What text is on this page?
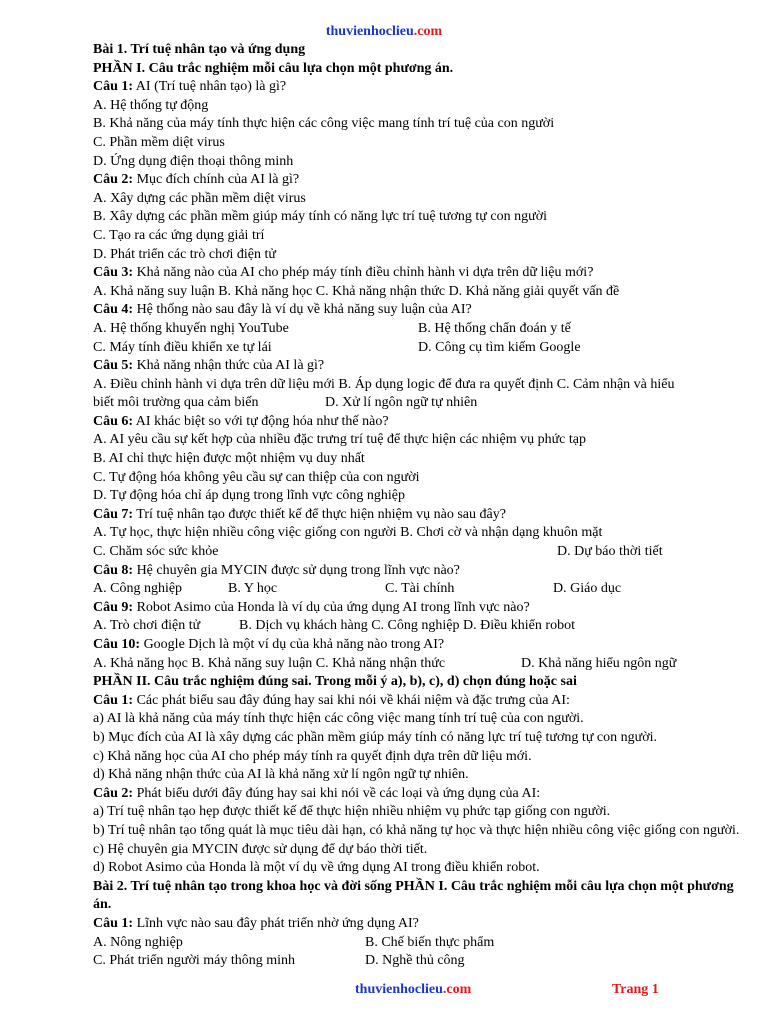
thuvienhoclieu.com
Bài 1. Trí tuệ nhân tạo và ứng dụng
PHẦN I. Câu trắc nghiệm mỗi câu lựa chọn một phương án.
Câu 1: AI (Trí tuệ nhân tạo) là gì?
A. Hệ thống tự động
B. Khả năng của máy tính thực hiện các công việc mang tính trí tuệ của con người
C. Phần mềm diệt virus
D. Ứng dụng điện thoại thông minh
Câu 2: Mục đích chính của AI là gì?
A. Xây dựng các phần mềm diệt virus
B. Xây dựng các phần mềm giúp máy tính có năng lực trí tuệ tương tự con người
C. Tạo ra các ứng dụng giải trí
D. Phát triển các trò chơi điện tử
Câu 3: Khả năng nào của AI cho phép máy tính điều chỉnh hành vi dựa trên dữ liệu mới?
A. Khả năng suy luận B. Khả năng học C. Khả năng nhận thức D. Khả năng giải quyết vấn đề
Câu 4: Hệ thống nào sau đây là ví dụ về khả năng suy luận của AI?
A. Hệ thống khuyến nghị YouTube	B. Hệ thống chẩn đoán y tế
C. Máy tính điều khiển xe tự lái	D. Công cụ tìm kiếm Google
Câu 5: Khả năng nhận thức của AI là gì?
A. Điều chỉnh hành vi dựa trên dữ liệu mới B. Áp dụng logic để đưa ra quyết định C. Cảm nhận và hiểu
biết môi trường qua cảm biến	D. Xử lí ngôn ngữ tự nhiên
Câu 6: AI khác biệt so với tự động hóa như thế nào?
A. AI yêu cầu sự kết hợp của nhiều đặc trưng trí tuệ để thực hiện các nhiệm vụ phức tạp
B. AI chỉ thực hiện được một nhiệm vụ duy nhất
C. Tự động hóa không yêu cầu sự can thiệp của con người
D. Tự động hóa chỉ áp dụng trong lĩnh vực công nghiệp
Câu 7: Trí tuệ nhân tạo được thiết kế để thực hiện nhiệm vụ nào sau đây?
A. Tự học, thực hiện nhiều công việc giống con người B. Chơi cờ và nhận dạng khuôn mặt
C. Chăm sóc sức khỏe	D. Dự báo thời tiết
Câu 8: Hệ chuyên gia MYCIN được sử dụng trong lĩnh vực nào?
A. Công nghiệp	B. Y học	C. Tài chính	D. Giáo dục
Câu 9: Robot Asimo của Honda là ví dụ của ứng dụng AI trong lĩnh vực nào?
A. Trò chơi điện tử	B. Dịch vụ khách hàng C. Công nghiệp D. Điều khiển robot
Câu 10: Google Dịch là một ví dụ của khả năng nào trong AI?
A. Khả năng học B. Khả năng suy luận C. Khả năng nhận thức	D. Khả năng hiểu ngôn ngữ
PHẦN II. Câu trắc nghiệm đúng sai. Trong mỗi ý a), b), c), d) chọn đúng hoặc sai
Câu 1: Các phát biểu sau đây đúng hay sai khi nói về khái niệm và đặc trưng của AI:
a) AI là khả năng của máy tính thực hiện các công việc mang tính trí tuệ của con người.
b) Mục đích của AI là xây dựng các phần mềm giúp máy tính có năng lực trí tuệ tương tự con người.
c) Khả năng học của AI cho phép máy tính ra quyết định dựa trên dữ liệu mới.
d) Khả năng nhận thức của AI là khả năng xử lí ngôn ngữ tự nhiên.
Câu 2: Phát biểu dưới đây đúng hay sai khi nói về các loại và ứng dụng của AI:
a) Trí tuệ nhân tạo hẹp được thiết kế để thực hiện nhiều nhiệm vụ phức tạp giống con người.
b) Trí tuệ nhân tạo tổng quát là mục tiêu dài hạn, có khả năng tự học và thực hiện nhiều công việc giống con người. c) Hệ chuyên gia MYCIN được sử dụng để dự báo thời tiết.
d) Robot Asimo của Honda là một ví dụ về ứng dụng AI trong điều khiển robot.
Bài 2. Trí tuệ nhân tạo trong khoa học và đời sống PHẦN I. Câu trắc nghiệm mỗi câu lựa chọn một phương án.
Câu 1: Lĩnh vực nào sau đây phát triển nhờ ứng dụng AI?
A. Nông nghiệp	B. Chế biến thực phẩm
C. Phát triển người máy thông minh	D. Nghề thủ công
thuvienhoclieu.com	Trang 1
